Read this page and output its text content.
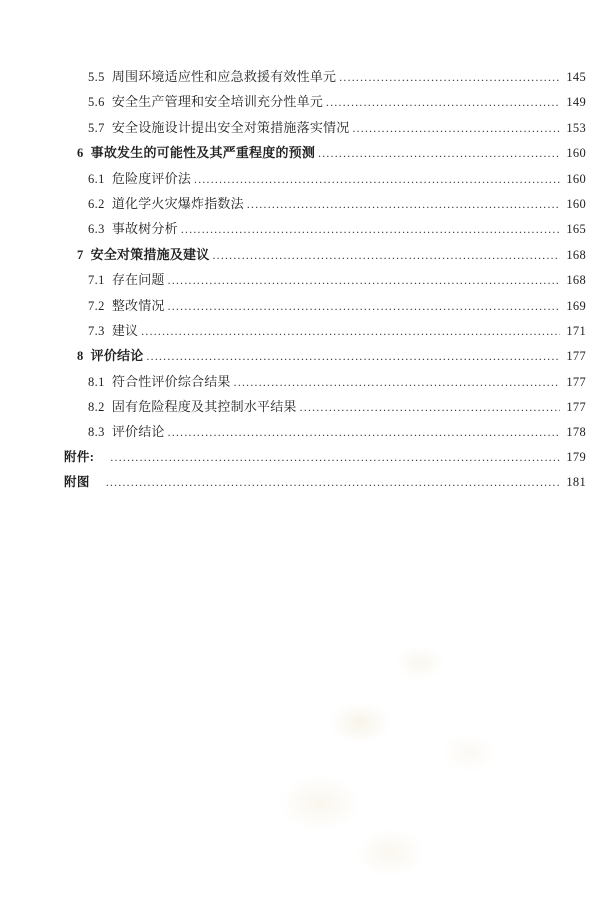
5.5 周围环境适应性和应急救援有效性单元 .....	145
5.6 安全生产管理和安全培训充分性单元 .....	149
5.7 安全设施设计提出安全对策措施落实情况 .....	153
6 事故发生的可能性及其严重程度的预测 .....	160
6.1 危险度评价法 .....	160
6.2 道化学火灾爆炸指数法 .....	160
6.3 事故树分析 .....	165
7 安全对策措施及建议 .....	168
7.1 存在问题 .....	168
7.2 整改情况 .....	169
7.3 建议 .....	171
8 评价结论 .....	177
8.1 符合性评价综合结果 .....	177
8.2 固有危险程度及其控制水平结果 .....	177
8.3 评价结论 .....	178
附件: .....	179
附图 .....	181
